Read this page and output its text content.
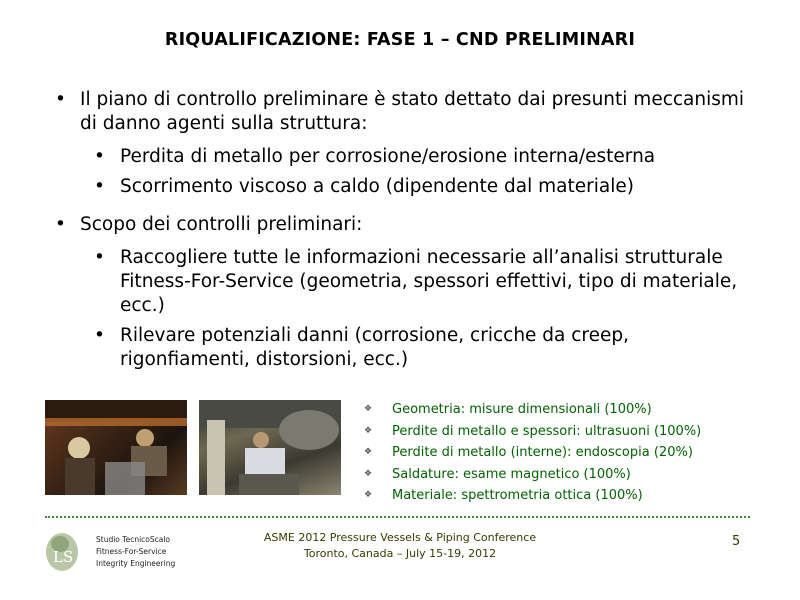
RIQUALIFICAZIONE: FASE 1 – CND PRELIMINARI
• Il piano di controllo preliminare è stato dettato dai presunti meccanismi di danno agenti sulla struttura:
• Perdita di metallo per corrosione/erosione interna/esterna
• Scorrimento viscoso a caldo (dipendente dal materiale)
• Scopo dei controlli preliminari:
• Raccogliere tutte le informazioni necessarie all’analisi strutturale Fitness-For-Service (geometria, spessori effettivi, tipo di materiale, ecc.)
• Rilevare potenziali danni (corrosione, cricche da creep, rigonfiamenti, distorsioni, ecc.)
❖ Geometria: misure dimensionali (100%)
❖ Perdite di metallo e spessori: ultrasuoni (100%)
❖ Perdite di metallo (interne): endoscopia (20%)
❖ Saldature: esame magnetico (100%)
❖ Materiale: spettrometria ottica (100%)
LS
Studio TecnicoScalo
Fitness-For-Service
Integrity Engineering
ASME 2012 Pressure Vessels & Piping Conference
Toronto, Canada – July 15-19, 2012
5
